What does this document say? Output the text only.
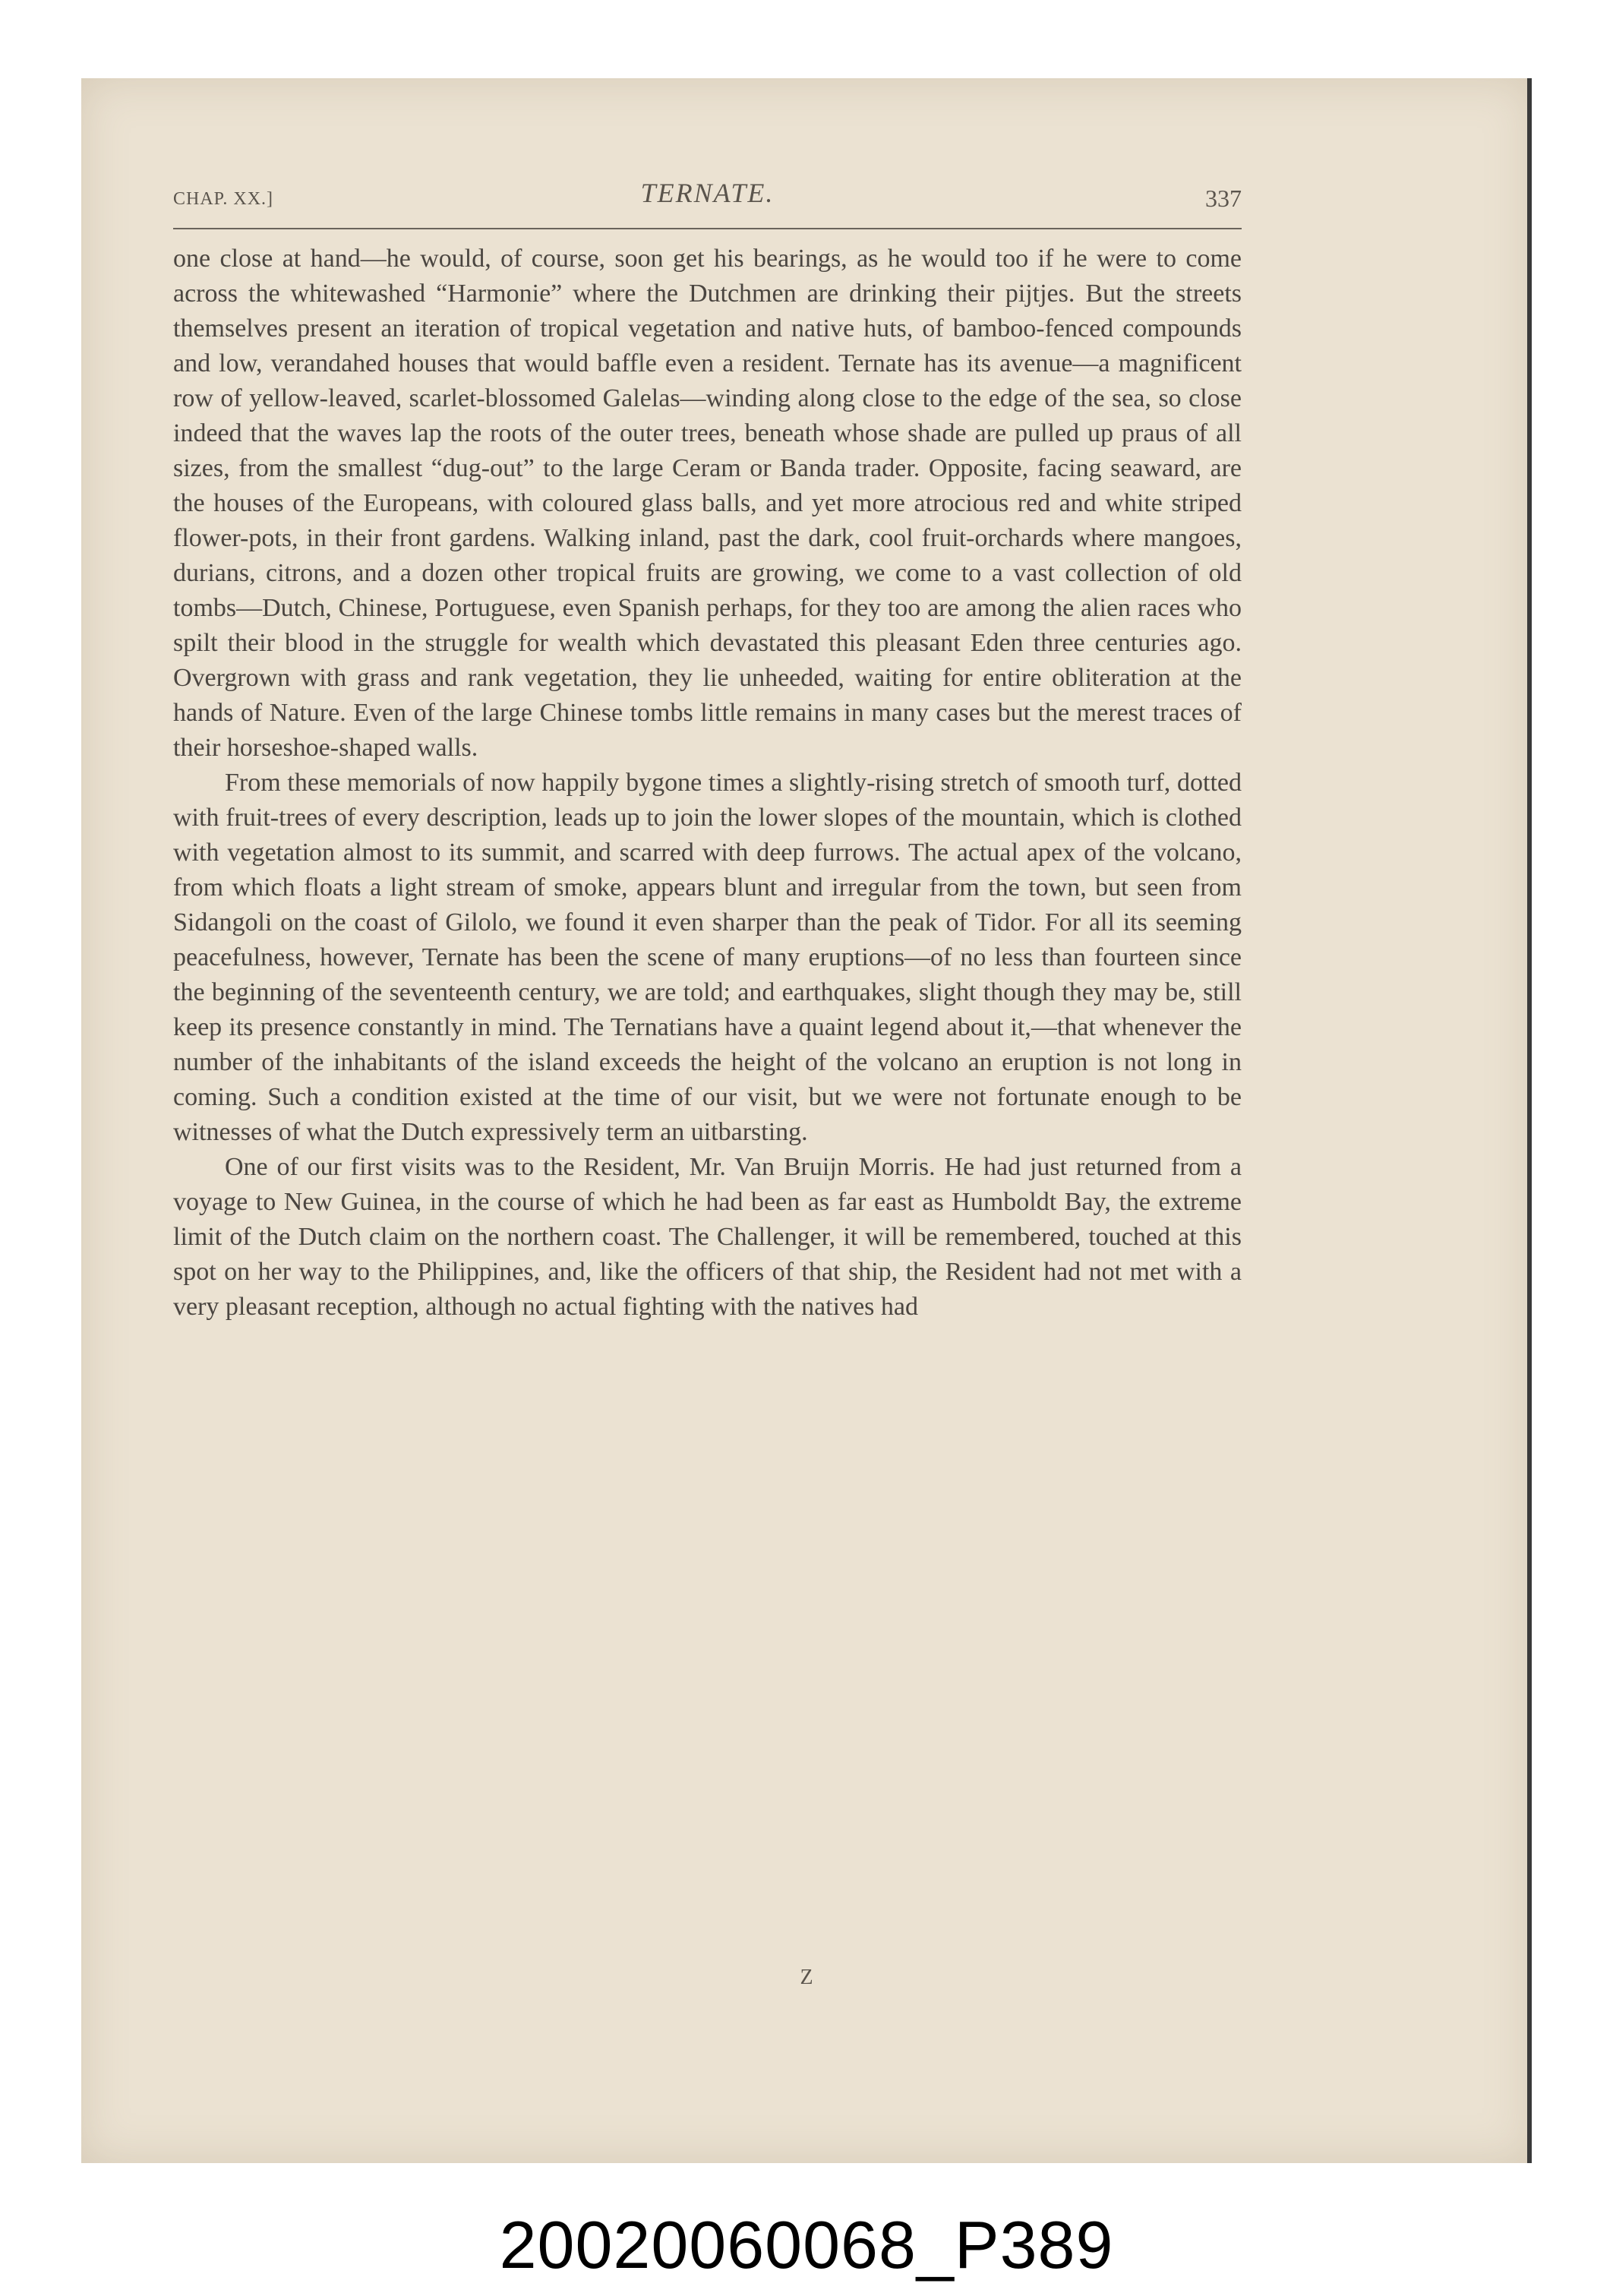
Z
CHAP. XX.]	TERNATE.	337

one close at hand—he would, of course, soon get his bearings, as he would too if he were to come across the whitewashed “Harmonie” where the Dutchmen are drinking their pijtjes. But the streets themselves present an iteration of tropical vegetation and native huts, of bamboo-fenced compounds and low, verandahed houses that would baffle even a resident. Ternate has its avenue—a magnificent row of yellow-leaved, scarlet-blossomed Galelas—winding along close to the edge of the sea, so close indeed that the waves lap the roots of the outer trees, beneath whose shade are pulled up praus of all sizes, from the smallest “dug-out” to the large Ceram or Banda trader. Opposite, facing seaward, are the houses of the Europeans, with coloured glass balls, and yet more atrocious red and white striped flower-pots, in their front gardens. Walking inland, past the dark, cool fruit-orchards where mangoes, durians, citrons, and a dozen other tropical fruits are growing, we come to a vast collection of old tombs—Dutch, Chinese, Portuguese, even Spanish perhaps, for they too are among the alien races who spilt their blood in the struggle for wealth which devastated this pleasant Eden three centuries ago. Overgrown with grass and rank vegetation, they lie unheeded, waiting for entire obliteration at the hands of Nature. Even of the large Chinese tombs little remains in many cases but the merest traces of their horseshoe-shaped walls.

From these memorials of now happily bygone times a slightly-rising stretch of smooth turf, dotted with fruit-trees of every description, leads up to join the lower slopes of the mountain, which is clothed with vegetation almost to its summit, and scarred with deep furrows. The actual apex of the volcano, from which floats a light stream of smoke, appears blunt and irregular from the town, but seen from Sidangoli on the coast of Gilolo, we found it even sharper than the peak of Tidor. For all its seeming peacefulness, however, Ternate has been the scene of many eruptions—of no less than fourteen since the beginning of the seventeenth century, we are told; and earthquakes, slight though they may be, still keep its presence constantly in mind. The Ternatians have a quaint legend about it,—that whenever the number of the inhabitants of the island exceeds the height of the volcano an eruption is not long in coming. Such a condition existed at the time of our visit, but we were not fortunate enough to be witnesses of what the Dutch expressively term an uitbarsting.

One of our first visits was to the Resident, Mr. Van Bruijn Morris. He had just returned from a voyage to New Guinea, in the course of which he had been as far east as Humboldt Bay, the extreme limit of the Dutch claim on the northern coast. The Challenger, it will be remembered, touched at this spot on her way to the Philippines, and, like the officers of that ship, the Resident had not met with a very pleasant reception, although no actual fighting with the natives had

20020060068_P389
